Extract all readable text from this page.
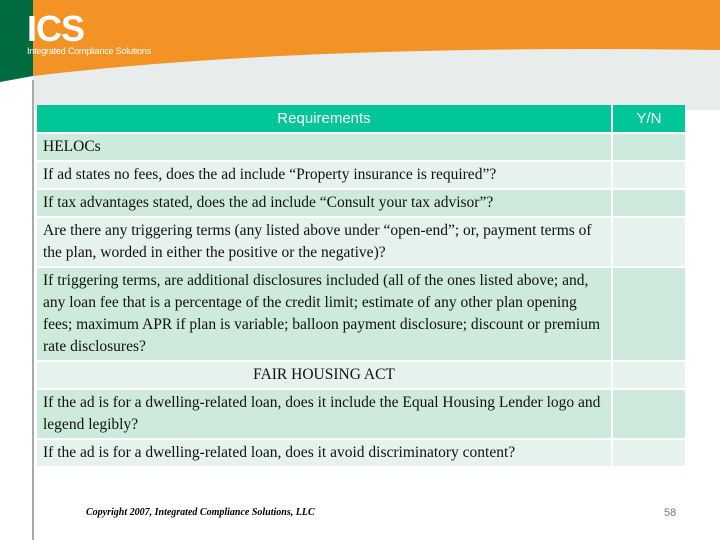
ICS
Integrated Compliance Solutions
Requirements	Y/N
HELOCs	
If ad states no fees, does the ad include “Property insurance is required”?	
If tax advantages stated, does the ad include “Consult your tax advisor”?	
Are there any triggering terms (any listed above under “open-end”; or, payment terms of the plan, worded in either the positive or the negative)?	
If triggering terms, are additional disclosures included (all of the ones listed above; and, any loan fee that is a percentage of the credit limit; estimate of any other plan opening fees; maximum APR if plan is variable; balloon payment disclosure; discount or premium rate disclosures?	
FAIR HOUSING ACT	
If the ad is for a dwelling-related loan, does it include the Equal Housing Lender logo and legend legibly?	
If the ad is for a dwelling-related loan, does it avoid discriminatory content?	
Copyright 2007, Integrated Compliance Solutions, LLC	58
